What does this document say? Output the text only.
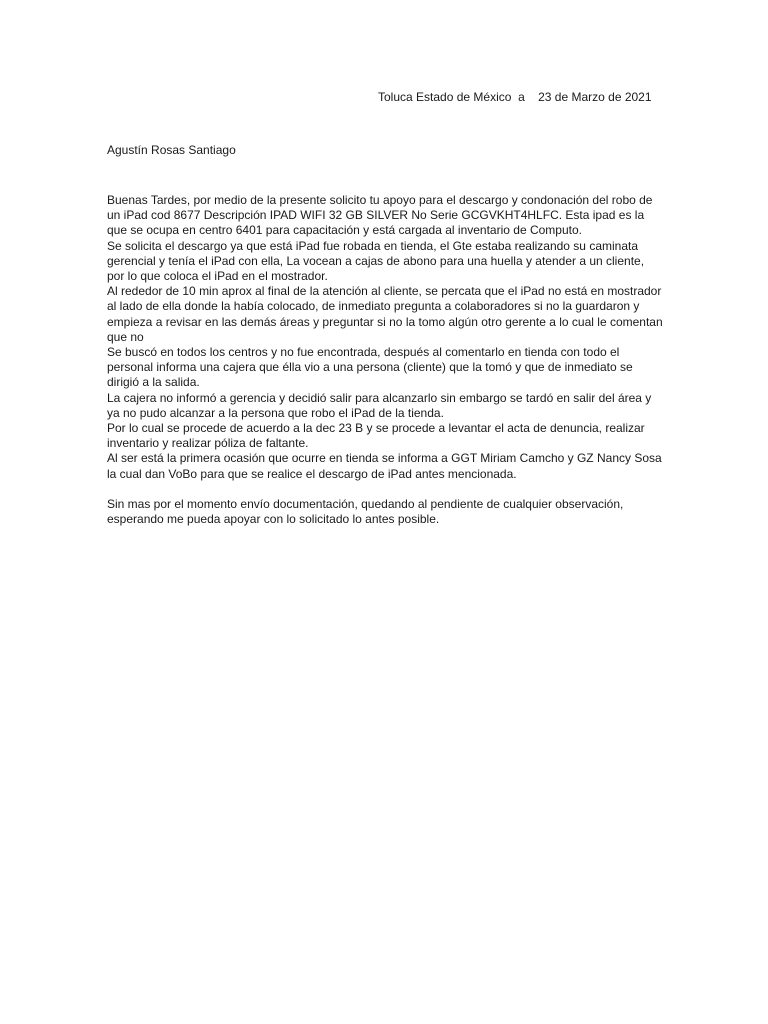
Toluca Estado de México a 23 de Marzo de 2021
Agustín Rosas Santiago

Buenas Tardes, por medio de la presente solicito tu apoyo para el descargo y condonación del robo de un iPad cod 8677 Descripción IPAD WIFI 32 GB SILVER No Serie GCGVKHT4HLFC. Esta ipad es la que se ocupa en centro 6401 para capacitación y está cargada al inventario de Computo.

Se solicita el descargo ya que está iPad fue robada en tienda, el Gte estaba realizando su caminata gerencial y tenía el iPad con ella, La vocean a cajas de abono para una huella y atender a un cliente, por lo que coloca el iPad en el mostrador.

Al rededor de 10 min aprox al final de la atención al cliente, se percata que el iPad no está en mostrador al lado de ella donde la había colocado, de inmediato pregunta a colaboradores si no la guardaron y empieza a revisar en las demás áreas y preguntar si no la tomo algún otro gerente a lo cual le comentan que no

Se buscó en todos los centros y no fue encontrada, después al comentarlo en tienda con todo el personal informa una cajera que élla vio a una persona (cliente) que la tomó y que de inmediato se dirigió a la salida.

La cajera no informó a gerencia y decidió salir para alcanzarlo sin embargo se tardó en salir del área y ya no pudo alcanzar a la persona que robo el iPad de la tienda.

Por lo cual se procede de acuerdo a la dec 23 B y se procede a levantar el acta de denuncia, realizar inventario y realizar póliza de faltante.

Al ser está la primera ocasión que ocurre en tienda se informa a GGT Miriam Camcho y GZ Nancy Sosa la cual dan VoBo para que se realice el descargo de iPad antes mencionada.

Sin mas por el momento envío documentación, quedando al pendiente de cualquier observación, esperando me pueda apoyar con lo solicitado lo antes posible.
